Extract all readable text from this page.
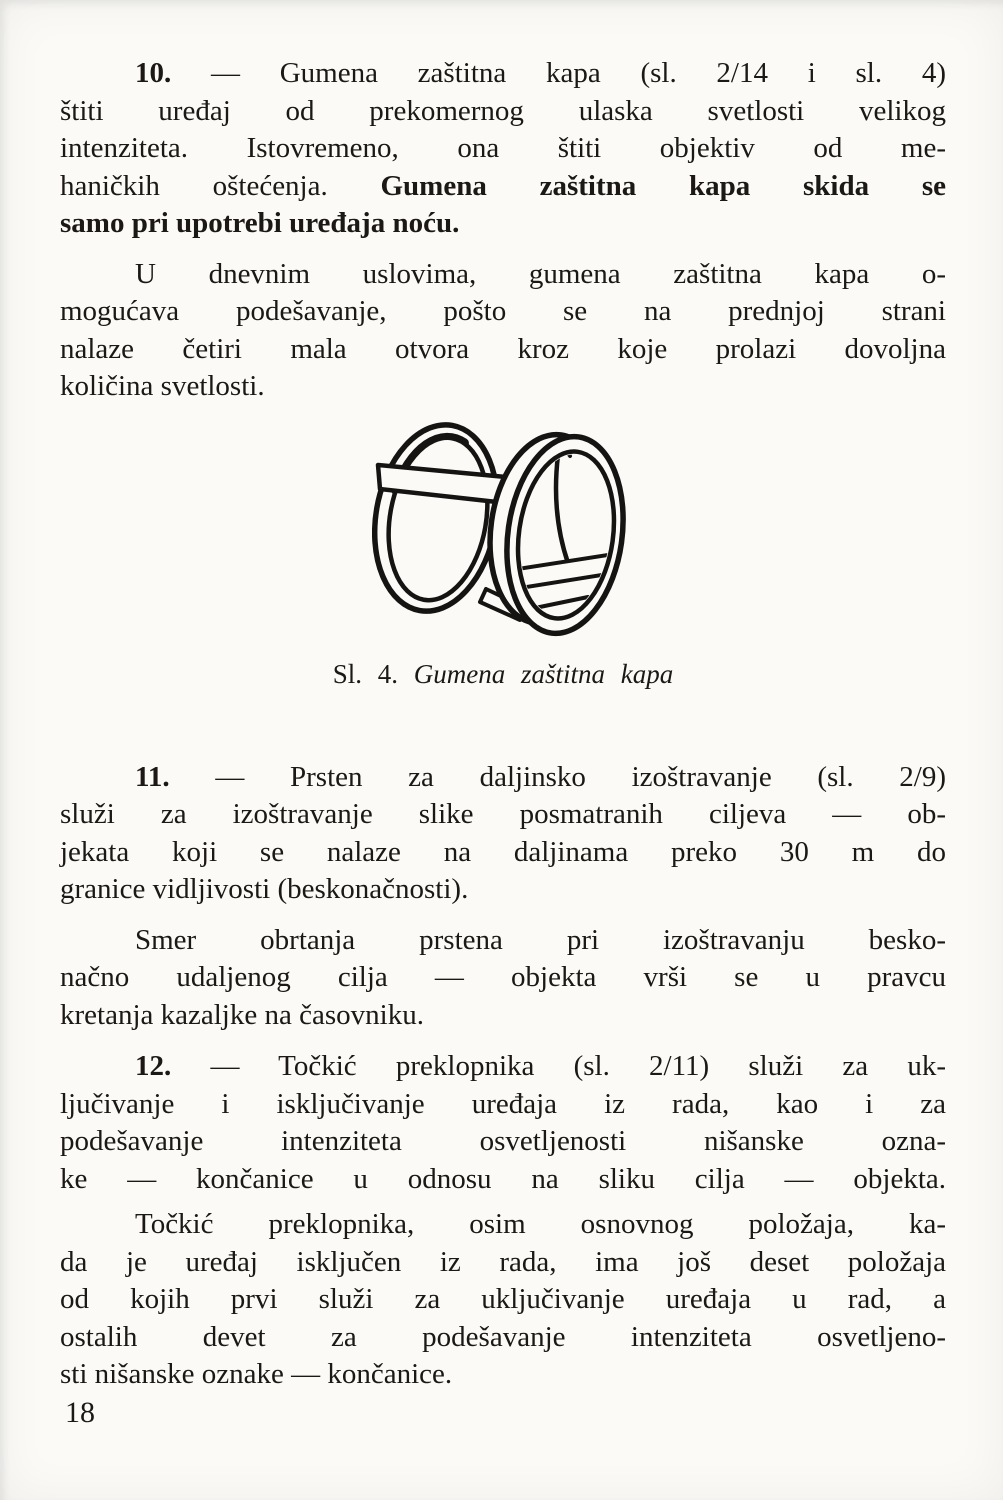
10. — Gumena zaštitna kapa (sl. 2/14 i sl. 4)
štiti uređaj od prekomernog ulaska svetlosti velikog
intenziteta. Istovremeno, ona štiti objektiv od me-
haničkih oštećenja. Gumena zaštitna kapa skida se
samo pri upotrebi uređaja noću.
U dnevnim uslovima, gumena zaštitna kapa o-
mogućava podešavanje, pošto se na prednjoj strani
nalaze četiri mala otvora kroz koje prolazi dovoljna
količina svetlosti.
Sl. 4. Gumena zaštitna kapa
11. — Prsten za daljinsko izoštravanje (sl. 2/9)
služi za izoštravanje slike posmatranih ciljeva — ob-
jekata koji se nalaze na daljinama preko 30 m do
granice vidljivosti (beskonačnosti).
Smer obrtanja prstena pri izoštravanju besko-
načno udaljenog cilja — objekta vrši se u pravcu
kretanja kazaljke na časovniku.
12. — Točkić preklopnika (sl. 2/11) služi za uk-
ljučivanje i isključivanje uređaja iz rada, kao i za
podešavanje intenziteta osvetljenosti nišanske ozna-
ke — končanice u odnosu na sliku cilja — objekta.
Točkić preklopnika, osim osnovnog položaja, ka-
da je uređaj isključen iz rada, ima još deset položaja
od kojih prvi služi za uključivanje uređaja u rad, a
ostalih devet za podešavanje intenziteta osvetljeno-
sti nišanske oznake — končanice.
18
